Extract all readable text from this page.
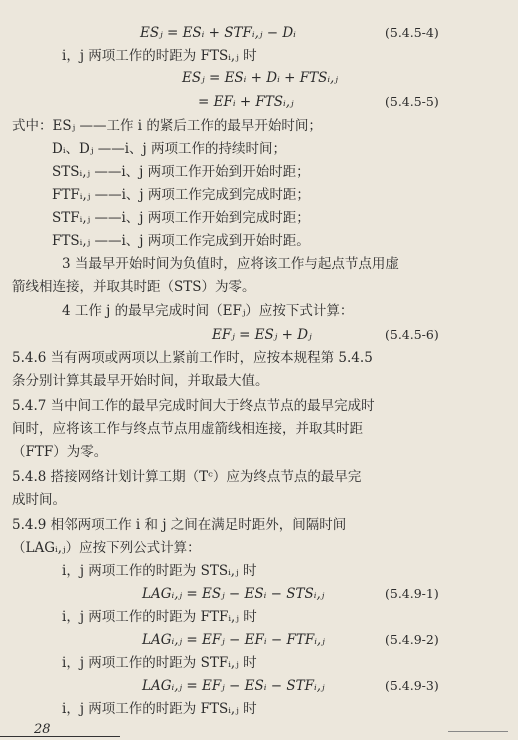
ESⱼ = ESᵢ + STFᵢ,ⱼ − Dᵢ	(5.4.5-4)
i，j 两项工作的时距为 FTSᵢ,ⱼ 时
ESⱼ = ESᵢ + Dᵢ + FTSᵢ,ⱼ
= EFᵢ + FTSᵢ,ⱼ	(5.4.5-5)
式中：ESⱼ ——工作 i 的紧后工作的最早开始时间；
Dᵢ、Dⱼ ——i、j 两项工作的持续时间；
STSᵢ,ⱼ ——i、j 两项工作开始到开始时距；
FTFᵢ,ⱼ ——i、j 两项工作完成到完成时距；
STFᵢ,ⱼ ——i、j 两项工作开始到完成时距；
FTSᵢ,ⱼ ——i、j 两项工作完成到开始时距。
3 当最早开始时间为负值时，应将该工作与起点节点用虚
箭线相连接，并取其时距（STS）为零。
4 工作 j 的最早完成时间（EFⱼ）应按下式计算：
EFⱼ = ESⱼ + Dⱼ	(5.4.5-6)
5.4.6 当有两项或两项以上紧前工作时，应按本规程第 5.4.5
条分别计算其最早开始时间，并取最大值。
5.4.7 当中间工作的最早完成时间大于终点节点的最早完成时
间时，应将该工作与终点节点用虚箭线相连接，并取其时距
（FTF）为零。
5.4.8 搭接网络计划计算工期（Tᶜ）应为终点节点的最早完
成时间。
5.4.9 相邻两项工作 i 和 j 之间在满足时距外，间隔时间
（LAGᵢ,ⱼ）应按下列公式计算：
i，j 两项工作的时距为 STSᵢ,ⱼ 时
LAGᵢ,ⱼ = ESⱼ − ESᵢ − STSᵢ,ⱼ	(5.4.9-1)
i，j 两项工作的时距为 FTFᵢ,ⱼ 时
LAGᵢ,ⱼ = EFⱼ − EFᵢ − FTFᵢ,ⱼ	(5.4.9-2)
i，j 两项工作的时距为 STFᵢ,ⱼ 时
LAGᵢ,ⱼ = EFⱼ − ESᵢ − STFᵢ,ⱼ	(5.4.9-3)
i，j 两项工作的时距为 FTSᵢ,ⱼ 时
28
